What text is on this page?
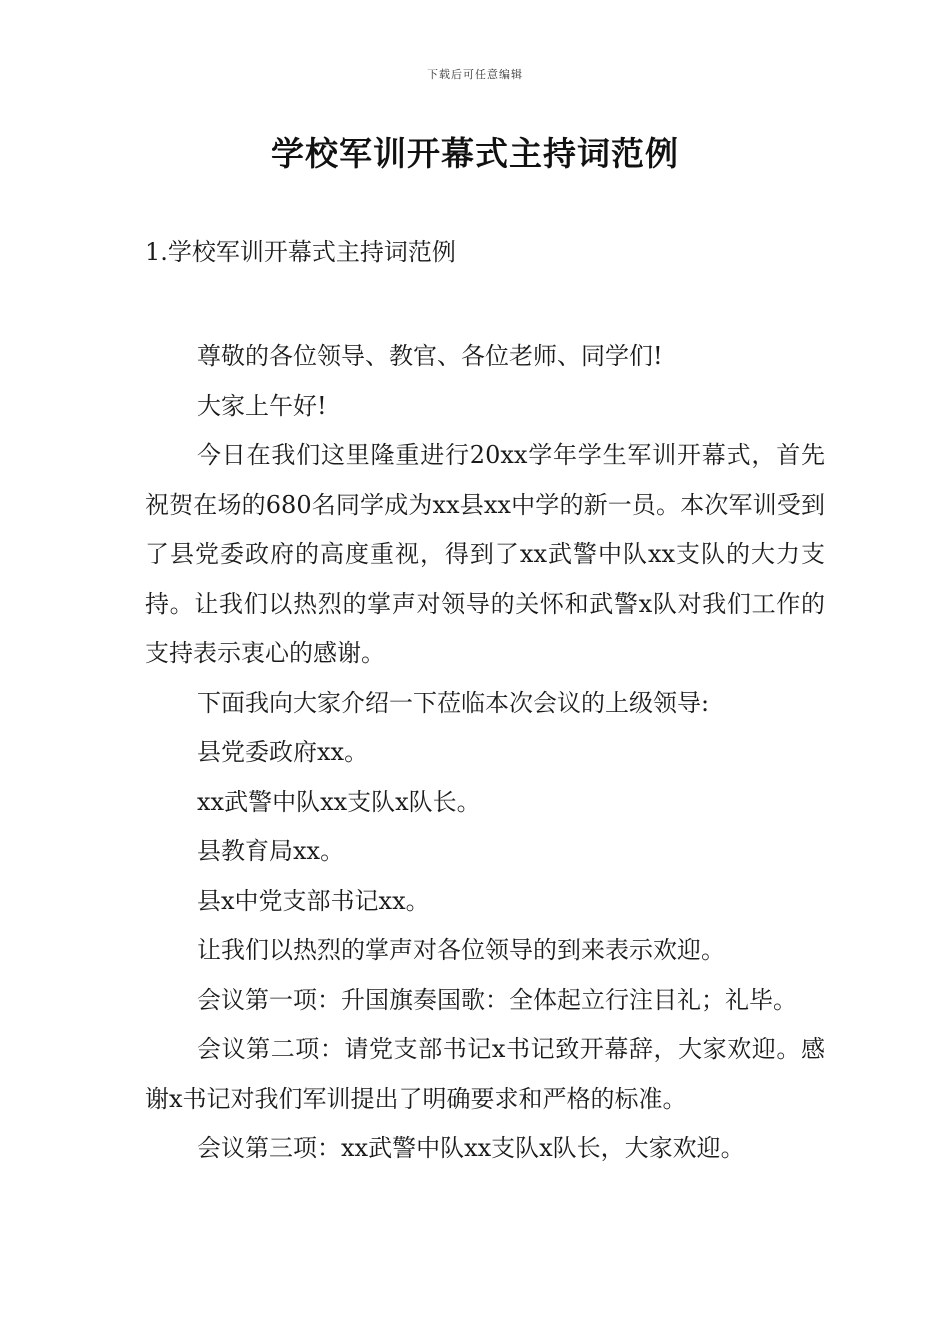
下载后可任意编辑
学校军训开幕式主持词范例
1.学校军训开幕式主持词范例

尊敬的各位领导、教官、各位老师、同学们!

大家上午好!

今日在我们这里隆重进行20xx学年学生军训开幕式，首先祝贺在场的680名同学成为xx县xx中学的新一员。本次军训受到了县党委政府的高度重视，得到了xx武警中队xx支队的大力支持。让我们以热烈的掌声对领导的关怀和武警x队对我们工作的支持表示衷心的感谢。

下面我向大家介绍一下莅临本次会议的上级领导:

县党委政府xx。

xx武警中队xx支队x队长。

县教育局xx。

县x中党支部书记xx。

让我们以热烈的掌声对各位领导的到来表示欢迎。

会议第一项：升国旗奏国歌：全体起立行注目礼；礼毕。

会议第二项：请党支部书记x书记致开幕辞，大家欢迎。感谢x书记对我们军训提出了明确要求和严格的标准。

会议第三项：xx武警中队xx支队x队长，大家欢迎。
